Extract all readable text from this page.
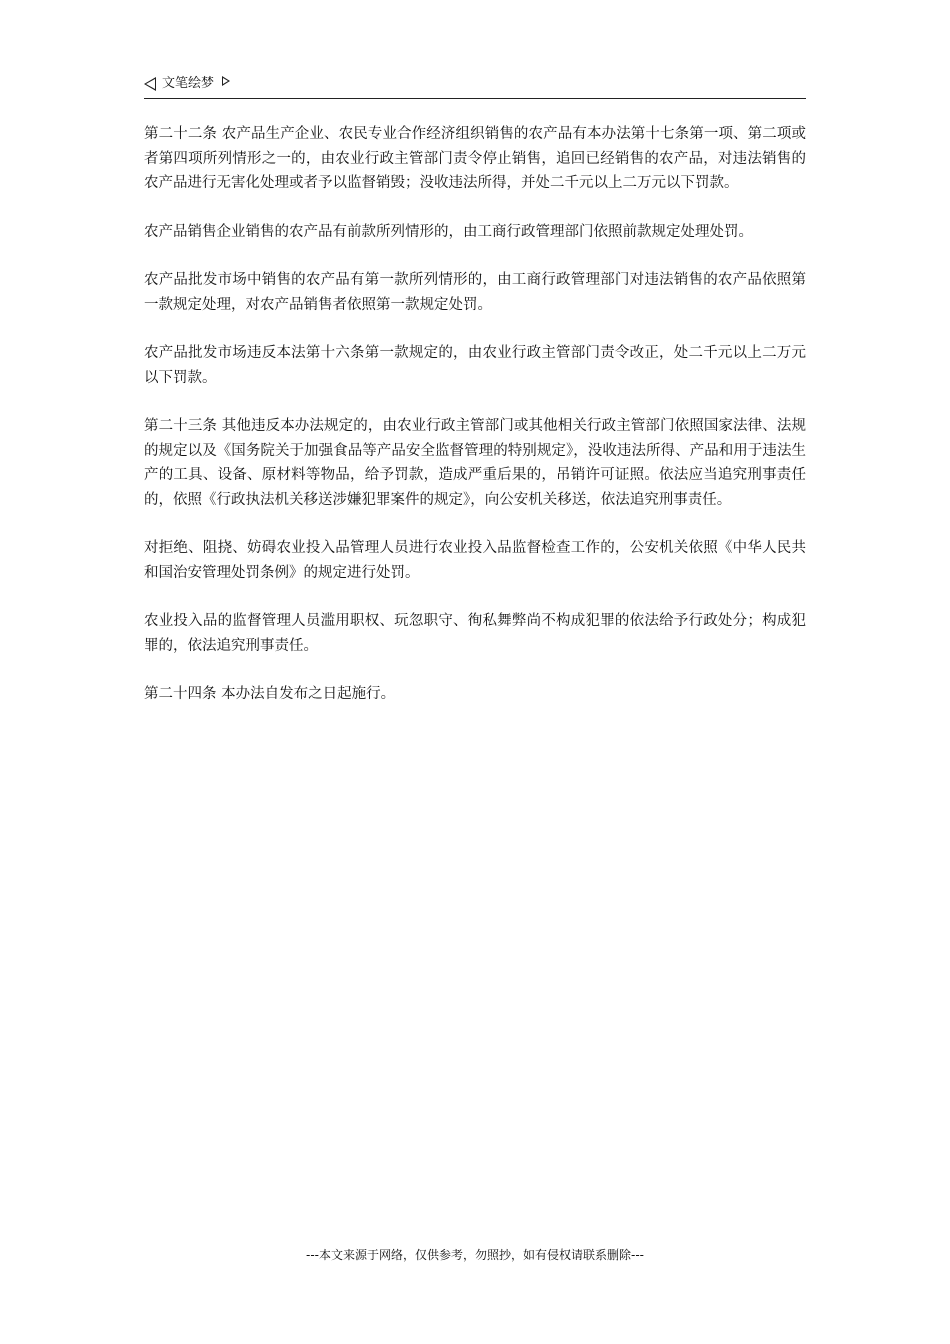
文笔绘梦

第二十二条 农产品生产企业、农民专业合作经济组织销售的农产品有本办法第十七条第一项、第二项或者第四项所列情形之一的，由农业行政主管部门责令停止销售，追回已经销售的农产品，对违法销售的农产品进行无害化处理或者予以监督销毁；没收违法所得，并处二千元以上二万元以下罚款。

农产品销售企业销售的农产品有前款所列情形的，由工商行政管理部门依照前款规定处理处罚。

农产品批发市场中销售的农产品有第一款所列情形的，由工商行政管理部门对违法销售的农产品依照第一款规定处理，对农产品销售者依照第一款规定处罚。

农产品批发市场违反本法第十六条第一款规定的，由农业行政主管部门责令改正，处二千元以上二万元以下罚款。

第二十三条 其他违反本办法规定的，由农业行政主管部门或其他相关行政主管部门依照国家法律、法规的规定以及《国务院关于加强食品等产品安全监督管理的特别规定》，没收违法所得、产品和用于违法生产的工具、设备、原材料等物品，给予罚款，造成严重后果的，吊销许可证照。依法应当追究刑事责任的，依照《行政执法机关移送涉嫌犯罪案件的规定》，向公安机关移送，依法追究刑事责任。

对拒绝、阻挠、妨碍农业投入品管理人员进行农业投入品监督检查工作的，公安机关依照《中华人民共和国治安管理处罚条例》的规定进行处罚。

农业投入品的监督管理人员滥用职权、玩忽职守、徇私舞弊尚不构成犯罪的依法给予行政处分；构成犯罪的，依法追究刑事责任。

第二十四条 本办法自发布之日起施行。

---本文来源于网络，仅供参考，勿照抄，如有侵权请联系删除---
